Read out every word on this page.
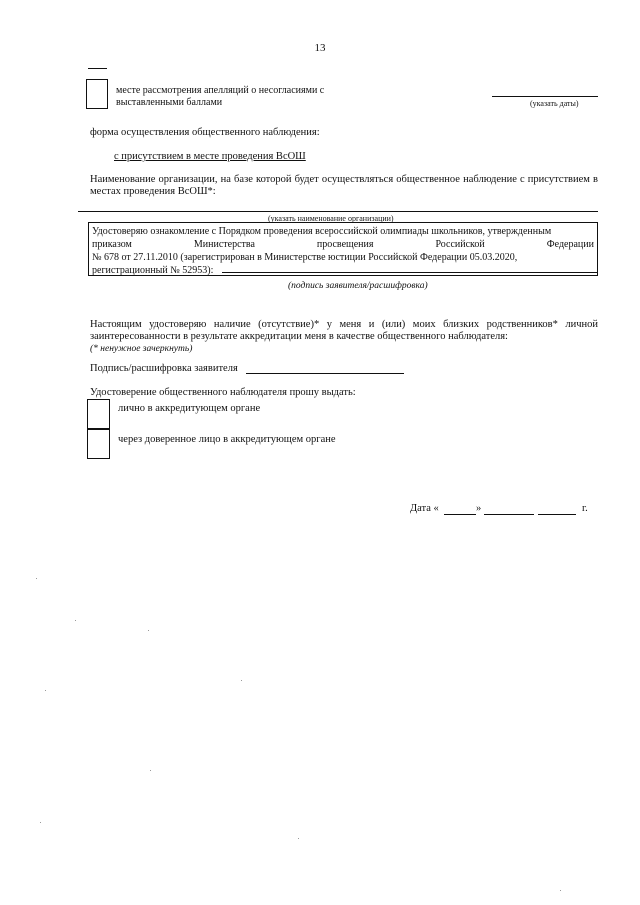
13
месте рассмотрения апелляций о несогласиями с
выставленными баллами	(указать даты)
форма осуществления общественного наблюдения:
с присутствием в месте проведения ВсОШ
Наименование организации, на базе которой будет осуществляться общественное наблюдение с присутствием в местах проведения ВсОШ*:
(указать наименование организации)

Удостоверяю ознакомление с Порядком проведения всероссийской олимпиады школьников, утвержденным

приказом	Министерства	просвещения	Российской	Федерации

№ 678 от 27.11.2010 (зарегистрирован в Министерстве юстиции Российской Федерации 05.03.2020,

регистрационный № 52953):

(подпись заявителя/расшифровка)
Настоящим удостоверяю наличие (отсутствие)* у меня и (или) моих близких родственников* личной заинтересованности в результате аккредитации меня в качестве общественного наблюдателя:
(* ненужное зачеркнуть)
Подпись/расшифровка заявителя
Удостоверение общественного наблюдателя прошу выдать:
лично в аккредитующем органе
через доверенное лицо в аккредитующем органе
Дата «	»	г.
